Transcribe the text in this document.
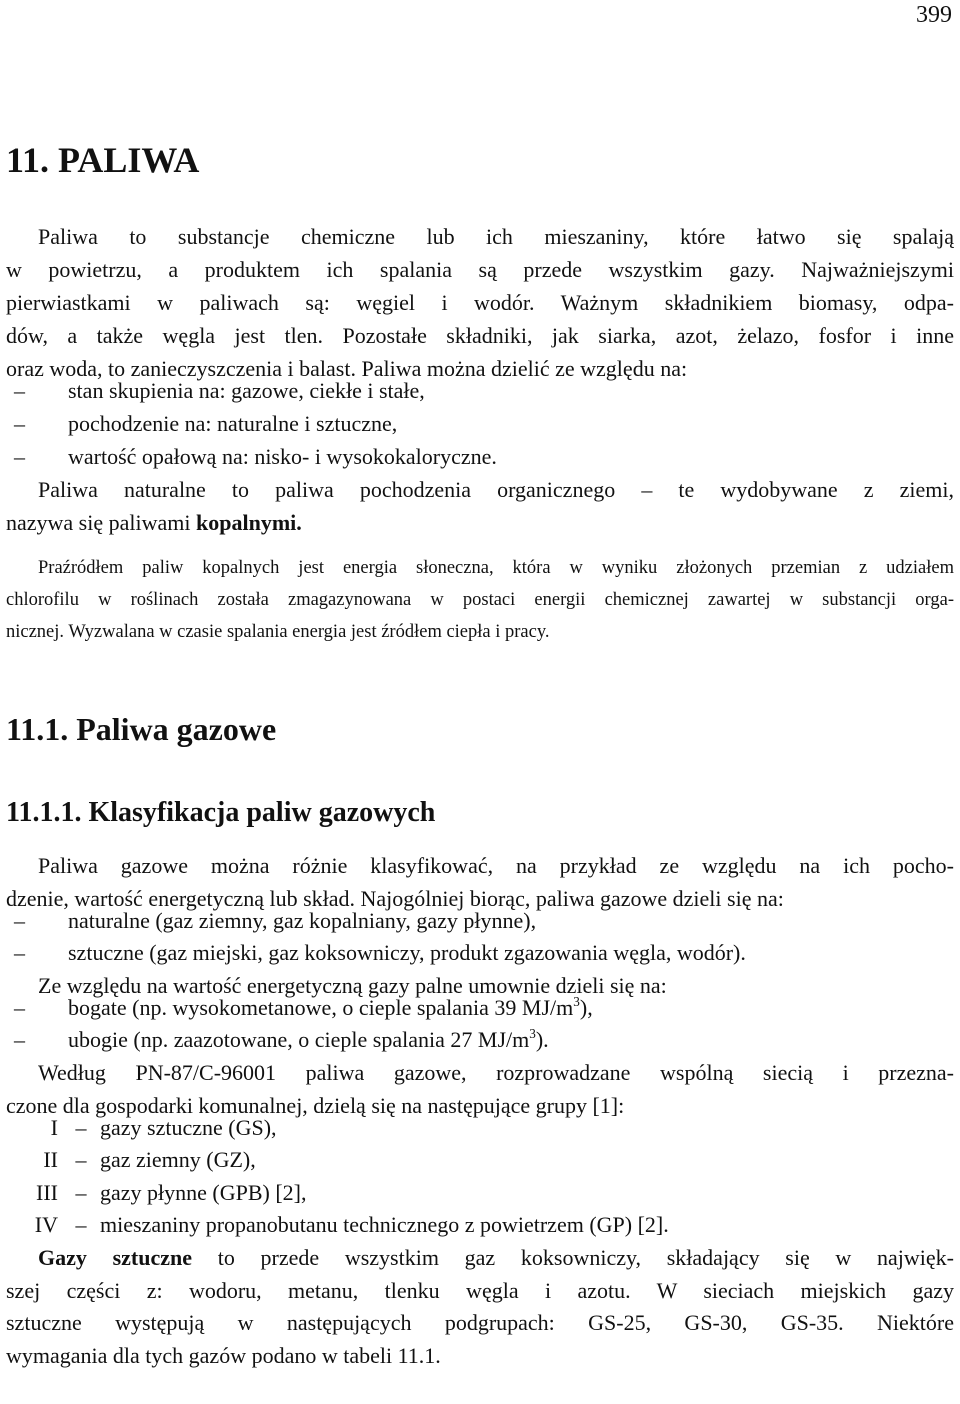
399
11. PALIWA
Paliwa to substancje chemiczne lub ich mieszaniny, które łatwo się spalają
w powietrzu, a produktem ich spalania są przede wszystkim gazy. Najważniejszymi
pierwiastkami w paliwach są: węgiel i wodór. Ważnym składnikiem biomasy, odpa-
dów, a także węgla jest tlen. Pozostałe składniki, jak siarka, azot, żelazo, fosfor i inne
oraz woda, to zanieczyszczenia i balast. Paliwa można dzielić ze względu na:
–	stan skupienia na: gazowe, ciekłe i stałe,
–	pochodzenie na: naturalne i sztuczne,
–	wartość opałową na: nisko- i wysokokaloryczne.
Paliwa naturalne to paliwa pochodzenia organicznego – te wydobywane z ziemi,
nazywa się paliwami kopalnymi.
Praźródłem paliw kopalnych jest energia słoneczna, która w wyniku złożonych przemian z udziałem
chlorofilu w roślinach została zmagazynowana w postaci energii chemicznej zawartej w substancji orga-
nicznej. Wyzwalana w czasie spalania energia jest źródłem ciepła i pracy.
11.1. Paliwa gazowe
11.1.1. Klasyfikacja paliw gazowych
Paliwa gazowe można różnie klasyfikować, na przykład ze względu na ich pocho-
dzenie, wartość energetyczną lub skład. Najogólniej biorąc, paliwa gazowe dzieli się na:
–	naturalne (gaz ziemny, gaz kopalniany, gazy płynne),
–	sztuczne (gaz miejski, gaz koksowniczy, produkt zgazowania węgla, wodór).
Ze względu na wartość energetyczną gazy palne umownie dzieli się na:
–	bogate (np. wysokometanowe, o cieple spalania 39 $MJ/m^3$),
–	ubogie (np. zaazotowane, o cieple spalania 27 $MJ/m^3$).
Według PN-87/C-96001 paliwa gazowe, rozprowadzane wspólną siecią i przezna-
czone dla gospodarki komunalnej, dzielą się na następujące grupy [1]:
I – gazy sztuczne (GS),
II – gaz ziemny (GZ),
III – gazy płynne (GPB) [2],
IV – mieszaniny propanobutanu technicznego z powietrzem (GP) [2].
Gazy sztuczne to przede wszystkim gaz koksowniczy, składający się w najwięk-
szej części z: wodoru, metanu, tlenku węgla i azotu. W sieciach miejskich gazy
sztuczne występują w następujących podgrupach: GS-25, GS-30, GS-35. Niektóre
wymagania dla tych gazów podano w tabeli 11.1.
